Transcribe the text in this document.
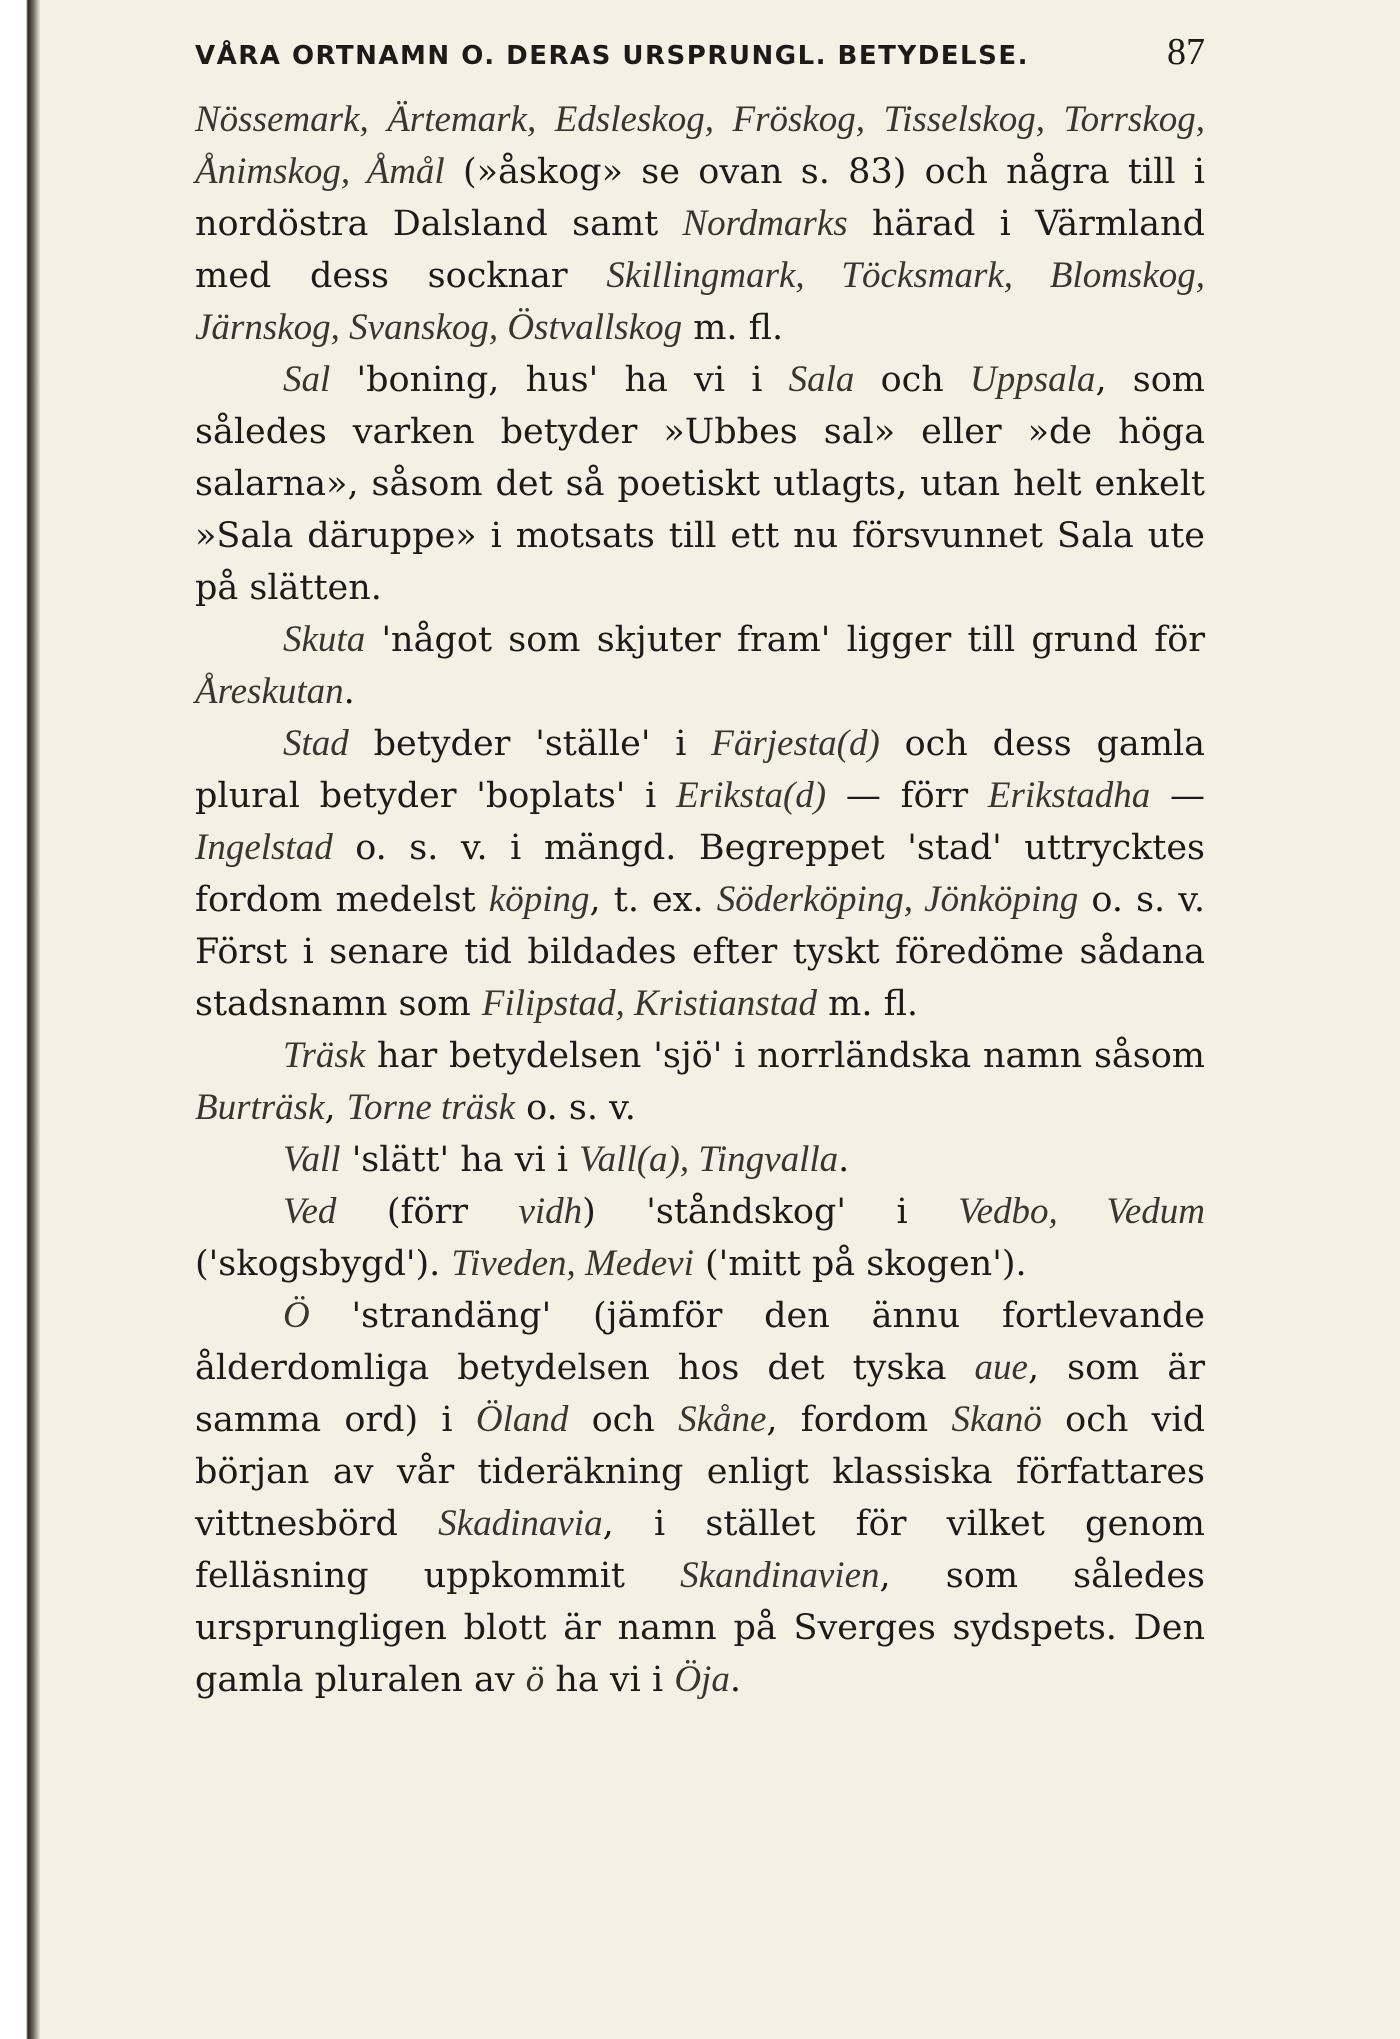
VÅRA ORTNAMN O. DERAS URSPRUNGL. BETYDELSE.	87

Nössemark, Ärtemark, Edsleskog, Fröskog, Tisselskog, Torrskog, Ånimskog, Åmål (»åskog» se ovan s. 83) och några till i nordöstra Dalsland samt Nordmarks härad i Värmland med dess socknar Skillingmark, Töcksmark, Blomskog, Järnskog, Svanskog, Östvallskog m. fl.

Sal 'boning, hus' ha vi i Sala och Uppsala, som således varken betyder »Ubbes sal» eller »de höga salarna», såsom det så poetiskt utlagts, utan helt enkelt »Sala däruppe» i motsats till ett nu försvunnet Sala ute på slätten.

Skuta 'något som skjuter fram' ligger till grund för Åreskutan.

Stad betyder 'ställe' i Färjesta(d) och dess gamla plural betyder 'boplats' i Eriksta(d) — förr Erikstadha — Ingelstad o. s. v. i mängd. Begreppet 'stad' uttrycktes fordom medelst köping, t. ex. Söderköping, Jönköping o. s. v. Först i senare tid bildades efter tyskt föredöme sådana stadsnamn som Filipstad, Kristianstad m. fl.

Träsk har betydelsen 'sjö' i norrländska namn såsom Burträsk, Torne träsk o. s. v.

Vall 'slätt' ha vi i Vall(a), Tingvalla.

Ved (förr vidh) 'ståndskog' i Vedbo, Vedum ('skogsbygd'). Tiveden, Medevi ('mitt på skogen').

Ö 'strandäng' (jämför den ännu fortlevande ålderdomliga betydelsen hos det tyska aue, som är samma ord) i Öland och Skåne, fordom Skanö och vid början av vår tideräkning enligt klassiska författares vittnesbörd Skadinavia, i stället för vilket genom felläsning uppkommit Skandinavien, som således ursprungligen blott är namn på Sverges sydspets. Den gamla pluralen av ö ha vi i Öja.
